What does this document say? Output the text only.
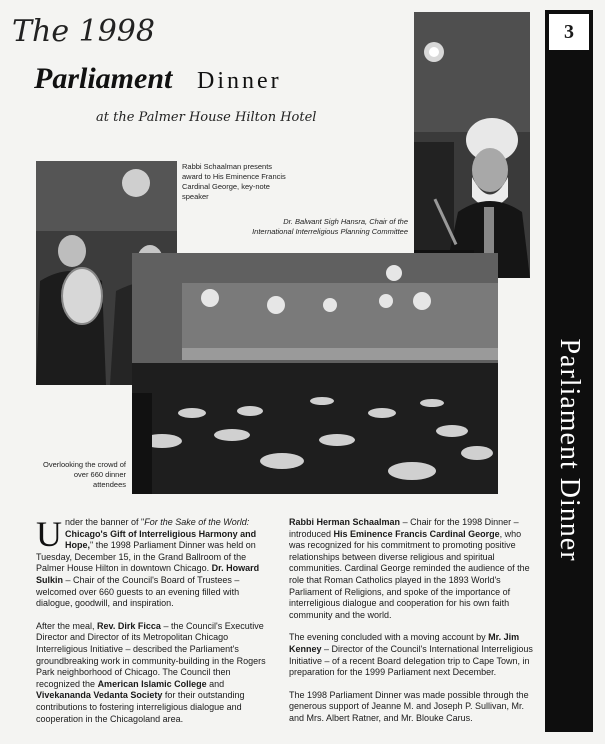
The 1998
Parliament Dinner
at the Palmer House Hilton Hotel
3
Parliament Dinner
Dr. Balwant Sigh Hansra, Chair of the International Interreligious Planning Committee
Rabbi Schaalman presents award to His Eminence Francis Cardinal George, key-note speaker
Overlooking the crowd of over 660 dinner attendees

Under the banner of "For the Sake of the World: Chicago's Gift of Interreligious Harmony and Hope," the 1998 Parliament Dinner was held on Tuesday, December 15, in the Grand Ballroom of the Palmer House Hilton in downtown Chicago. Dr. Howard Sulkin – Chair of the Council's Board of Trustees – welcomed over 660 guests to an evening filled with dialogue, goodwill, and inspiration.

After the meal, Rev. Dirk Ficca – the Council's Executive Director and Director of its Metropolitan Chicago Interreligious Initiative – described the Parliament's groundbreaking work in community-building in the Rogers Park neighborhood of Chicago. The Council then recognized the American Islamic College and Vivekananda Vedanta Society for their outstanding contributions to fostering interreligious dialogue and cooperation in the Chicagoland area.

Rabbi Herman Schaalman – Chair for the 1998 Dinner – introduced His Eminence Francis Cardinal George, who was recognized for his commitment to promoting positive relationships between diverse religious and spiritual communities. Cardinal George reminded the audience of the role that Roman Catholics played in the 1893 World's Parliament of Religions, and spoke of the importance of interreligious dialogue and cooperation for his own faith community and the world.

The evening concluded with a moving account by Mr. Jim Kenney – Director of the Council's International Interreligious Initiative – of a recent Board delegation trip to Cape Town, in preparation for the 1999 Parliament next December.

The 1998 Parliament Dinner was made possible through the generous support of Jeanne M. and Joseph P. Sullivan, Mr. and Mrs. Albert Ratner, and Mr. Blouke Carus.
